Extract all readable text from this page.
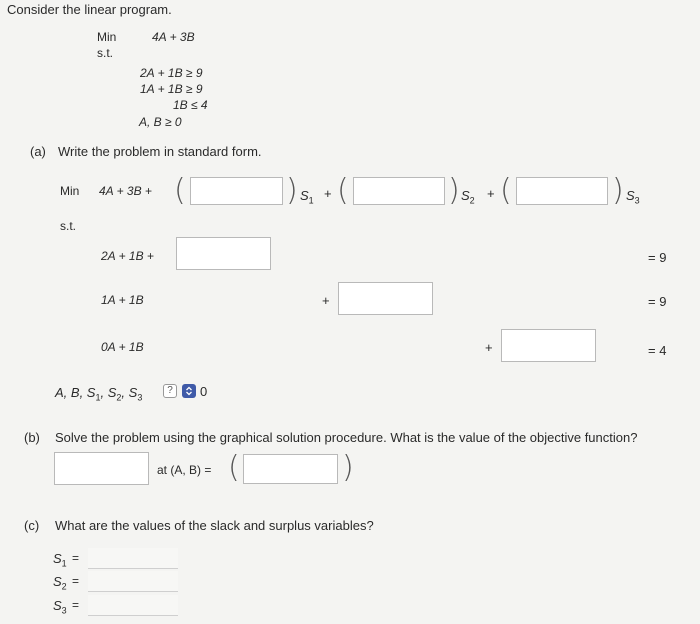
Consider the linear program.
Min	4A + 3B
s.t.
2A + 1B ≥ 9
1A + 1B ≥ 9
1B ≤ 4
A, B ≥ 0
(a) Write the problem in standard form.
Min 4A + 3B + (	) $S_1$ + (	) $S_2$ + (	) $S_3$
s.t.
2A + 1B +	= 9
1A + 1B	+	= 9
0A + 1B	+	= 4
A, B, $S_1$, $S_2$, $S_3$
?	0
(b) Solve the problem using the graphical solution procedure. What is the value of the objective function?
at (A, B) = (	)
(c) What are the values of the slack and surplus variables?
$S_1$ =
$S_2$ =
$S_3$ =
